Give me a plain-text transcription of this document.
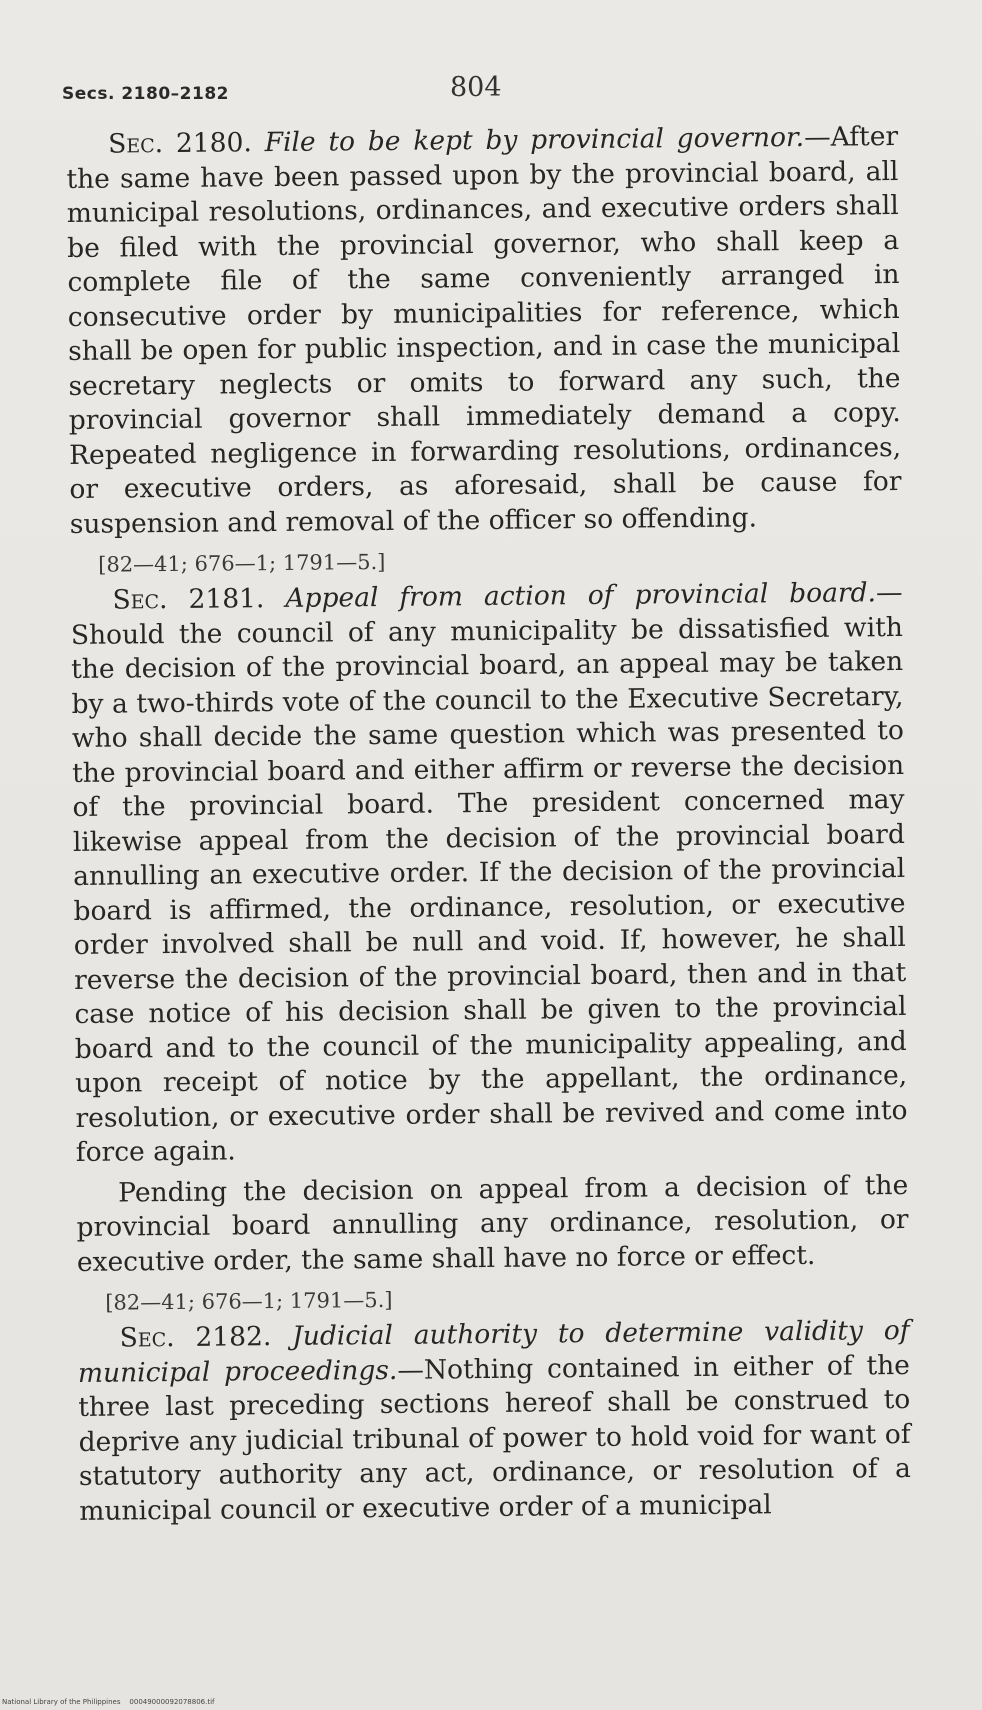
Secs. 2180–2182	804

Sec. 2180. File to be kept by provincial governor.—After the same have been passed upon by the provincial board, all municipal resolutions, ordinances, and executive orders shall be filed with the provincial governor, who shall keep a complete file of the same conveniently arranged in consecutive order by municipalities for reference, which shall be open for public inspection, and in case the municipal secretary neglects or omits to forward any such, the provincial governor shall immediately demand a copy. Repeated negligence in forwarding resolutions, ordinances, or executive orders, as aforesaid, shall be cause for suspension and removal of the officer so offending.

[82—41; 676—1; 1791—5.]

Sec. 2181. Appeal from action of provincial board.—Should the council of any municipality be dissatisfied with the decision of the provincial board, an appeal may be taken by a two-thirds vote of the council to the Executive Secretary, who shall decide the same question which was presented to the provincial board and either affirm or reverse the decision of the provincial board. The president concerned may likewise appeal from the decision of the provincial board annulling an executive order. If the decision of the provincial board is affirmed, the ordinance, resolution, or executive order involved shall be null and void. If, however, he shall reverse the decision of the provincial board, then and in that case notice of his decision shall be given to the provincial board and to the council of the municipality appealing, and upon receipt of notice by the appellant, the ordinance, resolution, or executive order shall be revived and come into force again.

Pending the decision on appeal from a decision of the provincial board annulling any ordinance, resolution, or executive order, the same shall have no force or effect.

[82—41; 676—1; 1791—5.]

Sec. 2182. Judicial authority to determine validity of municipal proceedings.—Nothing contained in either of the three last preceding sections hereof shall be construed to deprive any judicial tribunal of power to hold void for want of statutory authority any act, ordinance, or resolution of a municipal council or executive order of a municipal

National Library of the Philippines 00049000092078806.tif
